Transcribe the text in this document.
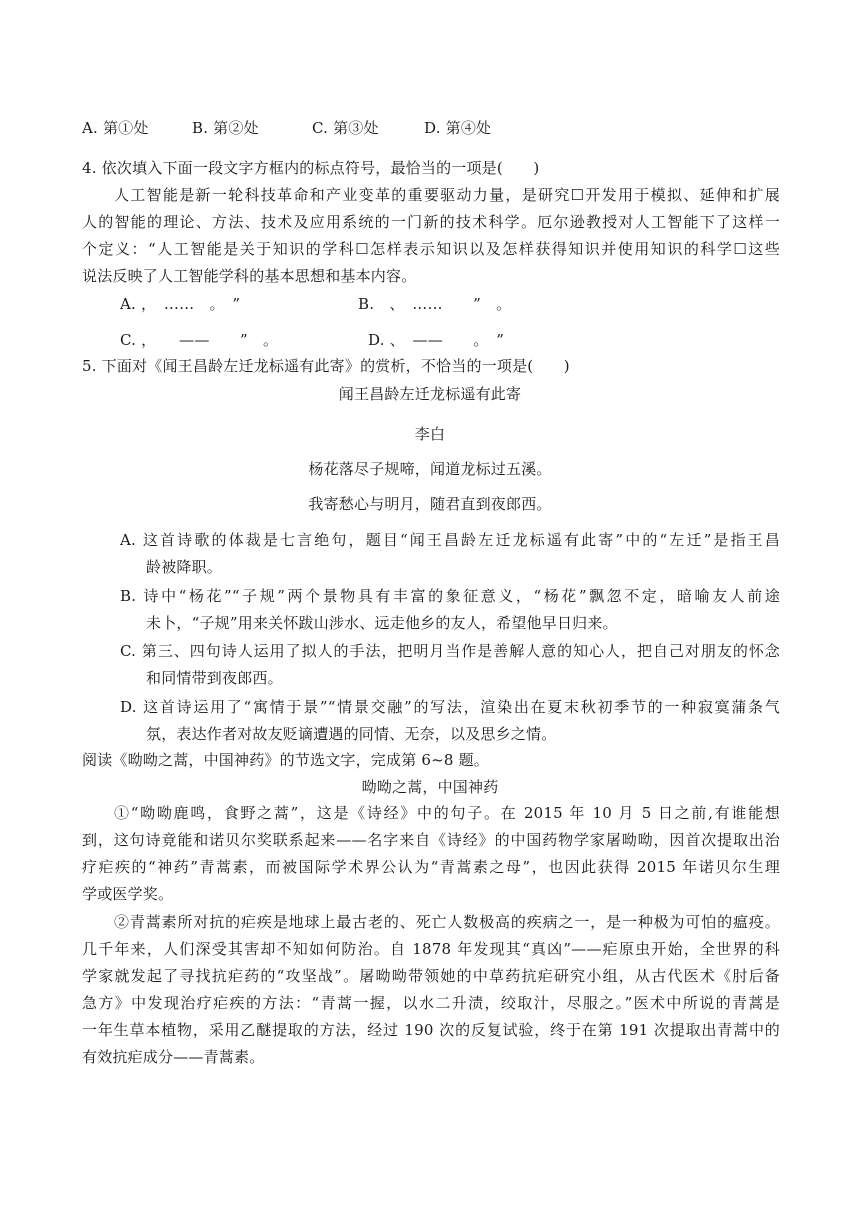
A. 第①处	B. 第②处	C. 第③处	D. 第④处
4. 依次填入下面一段文字方框内的标点符号，最恰当的一项是(　　)
人工智能是新一轮科技革命和产业变革的重要驱动力量，是研究☐开发用于模拟、延伸和扩展
人的智能的理论、方法、技术及应用系统的一门新的技术科学。厄尔逊教授对人工智能下了这样一
个定义：“人工智能是关于知识的学科☐怎样表示知识以及怎样获得知识并使用知识的科学☐这些
说法反映了人工智能学科的基本思想和基本内容。
A. ，　……　。　”	B.　、　……　　”　。
C. ，　　——　　”　。	D. 、　——　　。　”
5. 下面对《闻王昌龄左迁龙标遥有此寄》的赏析，不恰当的一项是(　　)
闻王昌龄左迁龙标遥有此寄
李白
杨花落尽子规啼，闻道龙标过五溪。
我寄愁心与明月，随君直到夜郎西。
A. 这首诗歌的体裁是七言绝句，题目“闻王昌龄左迁龙标遥有此寄”中的“左迁”是指王昌
龄被降职。
B. 诗中“杨花”“子规”两个景物具有丰富的象征意义，“杨花”飘忽不定，暗喻友人前途
未卜，“子规”用来关怀跋山涉水、远走他乡的友人，希望他早日归来。
C. 第三、四句诗人运用了拟人的手法，把明月当作是善解人意的知心人，把自己对朋友的怀念
和同情带到夜郎西。
D. 这首诗运用了“寓情于景”“情景交融”的写法，渲染出在夏末秋初季节的一种寂寞蒲条气
氛，表达作者对故友贬谪遭遇的同情、无奈，以及思乡之情。
阅读《呦呦之蒿，中国神药》的节选文字，完成第 6~8 题。
呦呦之蒿，中国神药
①“呦呦鹿鸣，食野之蒿”，这是《诗经》中的句子。在 2015 年 10 月 5 日之前,有谁能想
到，这句诗竟能和诺贝尔奖联系起来——名字来自《诗经》的中国药物学家屠呦呦，因首次提取出治
疗疟疾的“神药”青蒿素，而被国际学术界公认为“青蒿素之母”，也因此获得 2015 年诺贝尔生理
学或医学奖。
②青蒿素所对抗的疟疾是地球上最古老的、死亡人数极高的疾病之一，是一种极为可怕的瘟疫。
几千年来，人们深受其害却不知如何防治。自 1878 年发现其“真凶”——疟原虫开始，全世界的科
学家就发起了寻找抗疟药的“攻坚战”。屠呦呦带领她的中草药抗疟研究小组，从古代医术《肘后备
急方》中发现治疗疟疾的方法：“青蒿一握，以水二升渍，绞取汁，尽服之。”医术中所说的青蒿是
一年生草本植物，采用乙醚提取的方法，经过 190 次的反复试验，终于在第 191 次提取出青蒿中的
有效抗疟成分——青蒿素。
